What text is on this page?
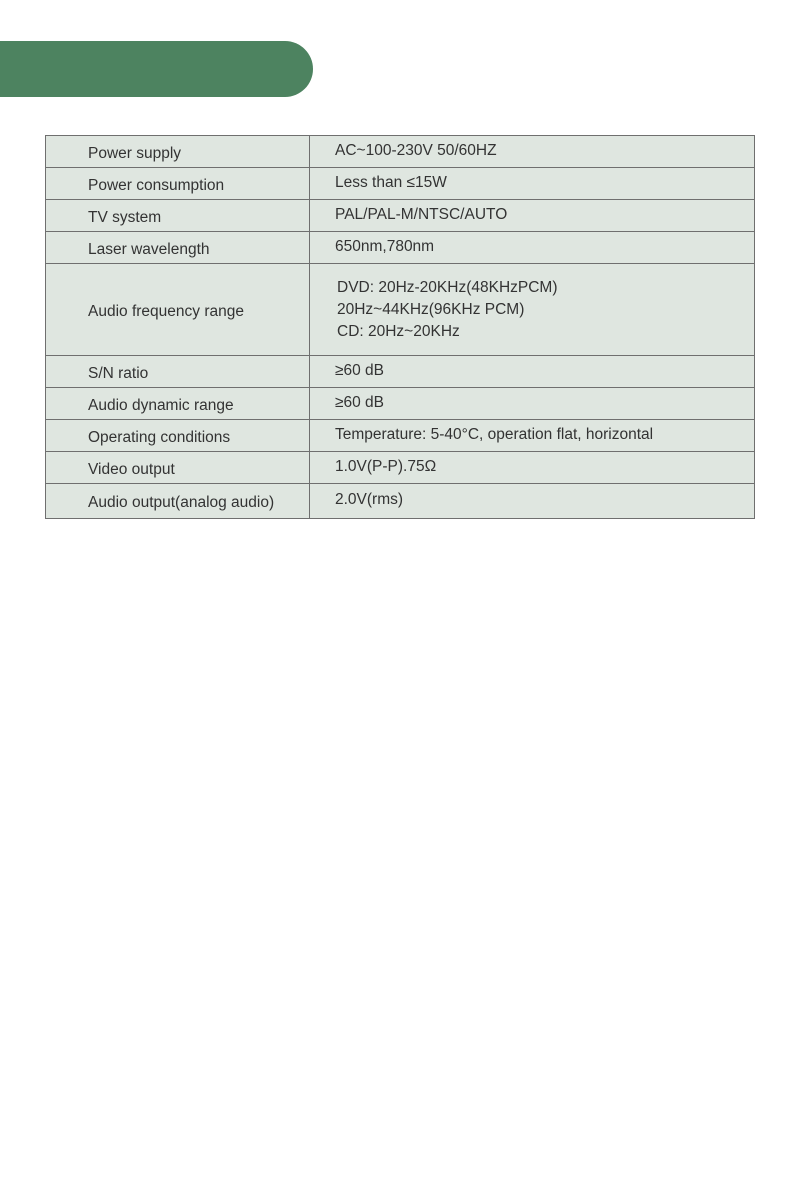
Power supply	AC~100-230V 50/60HZ
Power consumption	Less than ≤15W
TV system	PAL/PAL-M/NTSC/AUTO
Laser wavelength	650nm,780nm
Audio frequency range	DVD: 20Hz-20KHz(48KHzPCM)
20Hz~44KHz(96KHz PCM)
CD: 20Hz~20KHz

S/N ratio	≥60 dB
Audio dynamic range	≥60 dB
Operating conditions	Temperature: 5-40°C, operation flat, horizontal
Video output	1.0V(P-P).75Ω
Audio output(analog audio)	2.0V(rms)
